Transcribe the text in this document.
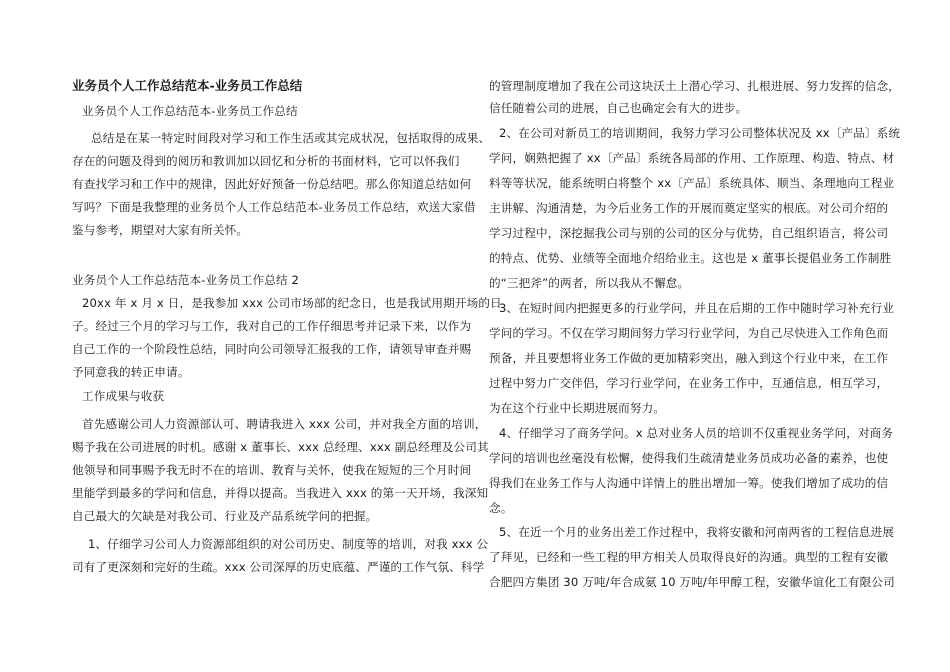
业务员个人工作总结范本-业务员工作总结
业务员个人工作总结范本-业务员工作总结
总结是在某一特定时间段对学习和工作生活或其完成状况，包括取得的成果、
存在的问题及得到的阅历和教训加以回忆和分析的书面材料，它可以怀我们
有查找学习和工作中的规律，因此好好预备一份总结吧。那么你知道总结如何
写吗？下面是我整理的业务员个人工作总结范本-业务员工作总结，欢送大家借
鉴与参考，期望对大家有所关怀。
业务员个人工作总结范本-业务员工作总结 2
20xx 年 x 月 x 日，是我参加 xxx 公司市场部的纪念日，也是我试用期开场的日
子。经过三个月的学习与工作，我对自己的工作仔细思考并记录下来，以作为
自己工作的一个阶段性总结，同时向公司领导汇报我的工作，请领导审查并赐
予同意我的转正申请。
工作成果与收获
首先感谢公司人力资源部认可、聘请我进入 xxx 公司，并对我全方面的培训，
赐予我在公司进展的时机。感谢 x 董事长、xxx 总经理、xxx 副总经理及公司其
他领导和同事赐予我无时不在的培训、教育与关怀，使我在短短的三个月时间
里能学到最多的学问和信息，并得以提高。当我进入 xxx 的第一天开场，我深知
自己最大的欠缺是对我公司、行业及产品系统学问的把握。
1、仔细学习公司人力资源部组织的对公司历史、制度等的培训，对我 xxx 公
司有了更深刻和完好的生疏。xxx 公司深厚的历史底蕴、严谨的工作气氛、科学
的管理制度增加了我在公司这块沃土上潜心学习、扎根进展、努力发挥的信念，
信任随着公司的进展，自己也确定会有大的进步。
2、在公司对新员工的培训期间，我努力学习公司整体状况及 xx〔产品〕系统
学问，娴熟把握了 xx〔产品〕系统各局部的作用、工作原理、构造、特点、材
料等等状况，能系统明白将整个 xx〔产品〕系统具体、顺当、条理地向工程业
主讲解、沟通清楚，为今后业务工作的开展而奠定坚实的根底。对公司介绍的
学习过程中，深挖掘我公司与别的公司的区分与优势，自己组织语言，将公司
的特点、优势、业绩等全面地介绍给业主。这也是 x 董事长提倡业务工作制胜
的“三把斧”的两者，所以我从不懈怠。
3、在短时间内把握更多的行业学问，并且在后期的工作中随时学习补充行业
学问的学习。不仅在学习期间努力学习行业学问，为自己尽快进入工作角色而
预备，并且要想将业务工作做的更加精彩突出，融入到这个行业中来，在工作
过程中努力广交伴侣，学习行业学问，在业务工作中，互通信息，相互学习，
为在这个行业中长期进展而努力。
4、仔细学习了商务学问。x 总对业务人员的培训不仅重视业务学问，对商务
学问的培训也丝毫没有松懈，使得我们生疏清楚业务员成功必备的素养，也使
得我们在业务工作与人沟通中详情上的胜出增加一筹。使我们增加了成功的信
念。
5、在近一个月的业务出差工作过程中，我将安徽和河南两省的工程信息进展
了拜见，已经和一些工程的甲方相关人员取得良好的沟通。典型的工程有安徽
合肥四方集团 30 万吨/年合成氨 10 万吨/年甲醇工程，安徽华谊化工有限公司
